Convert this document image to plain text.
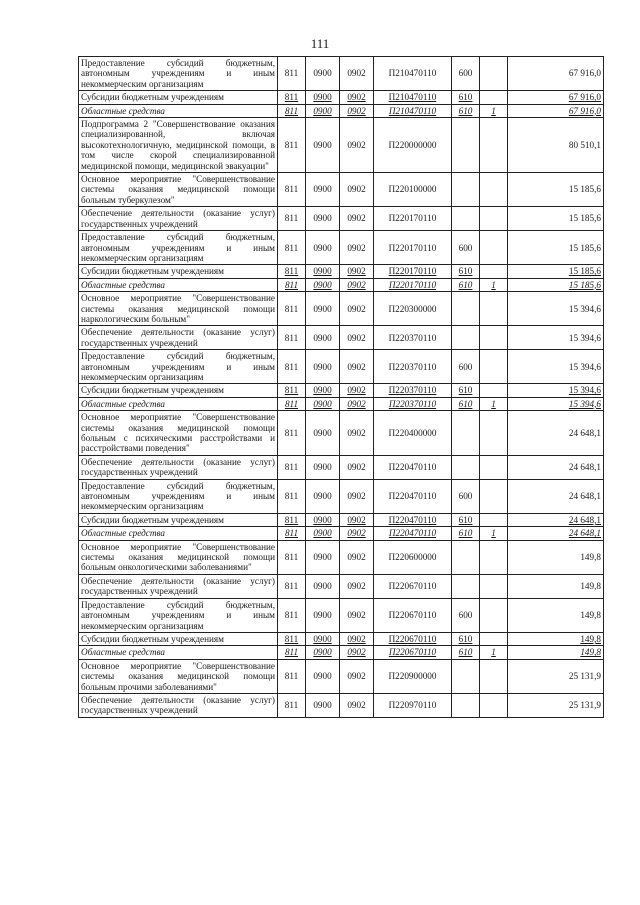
111
Предоставление субсидий бюджетным, автономным учреждениям и иным некоммерческим организациям	811	0900	0902	П210470110	600		67 916,0
Субсидии бюджетным учреждениям	811	0900	0902	П210470110	610		67 916,0
Областные средства	811	0900	0902	П210470110	610	1	67 916,0
Подпрограмма 2 "Совершенствование оказания специализированной, включая высокотехнологичную, медицинской помощи, в том числе скорой специализированной медицинской помощи, медицинской эвакуации"	811	0900	0902	П220000000			80 510,1
Основное мероприятие "Совершенствование системы оказания медицинской помощи больным туберкулезом"	811	0900	0902	П220100000			15 185,6
Обеспечение деятельности (оказание услуг) государственных учреждений	811	0900	0902	П220170110			15 185,6
Предоставление субсидий бюджетным, автономным учреждениям и иным некоммерческим организациям	811	0900	0902	П220170110	600		15 185,6
Субсидии бюджетным учреждениям	811	0900	0902	П220170110	610		15 185,6
Областные средства	811	0900	0902	П220170110	610	1	15 185,6
Основное мероприятие "Совершенствование системы оказания медицинской помощи наркологическим больным"	811	0900	0902	П220300000			15 394,6
Обеспечение деятельности (оказание услуг) государственных учреждений	811	0900	0902	П220370110			15 394,6
Предоставление субсидий бюджетным, автономным учреждениям и иным некоммерческим организациям	811	0900	0902	П220370110	600		15 394,6
Субсидии бюджетным учреждениям	811	0900	0902	П220370110	610		15 394,6
Областные средства	811	0900	0902	П220370110	610	1	15 394,6
Основное мероприятие "Совершенствование системы оказания медицинской помощи больным с психическими расстройствами и расстройствами поведения"	811	0900	0902	П220400000			24 648,1
Обеспечение деятельности (оказание услуг) государственных учреждений	811	0900	0902	П220470110			24 648,1
Предоставление субсидий бюджетным, автономным учреждениям и иным некоммерческим организациям	811	0900	0902	П220470110	600		24 648,1
Субсидии бюджетным учреждениям	811	0900	0902	П220470110	610		24 648,1
Областные средства	811	0900	0902	П220470110	610	1	24 648,1
Основное мероприятие "Совершенствование системы оказания медицинской помощи больным онкологическими заболеваниями"	811	0900	0902	П220600000			149,8
Обеспечение деятельности (оказание услуг) государственных учреждений	811	0900	0902	П220670110			149,8
Предоставление субсидий бюджетным, автономным учреждениям и иным некоммерческим организациям	811	0900	0902	П220670110	600		149,8
Субсидии бюджетным учреждениям	811	0900	0902	П220670110	610		149,8
Областные средства	811	0900	0902	П220670110	610	1	149,8
Основное мероприятие "Совершенствование системы оказания медицинской помощи больным прочими заболеваниями"	811	0900	0902	П220900000			25 131,9
Обеспечение деятельности (оказание услуг) государственных учреждений	811	0900	0902	П220970110			25 131,9
